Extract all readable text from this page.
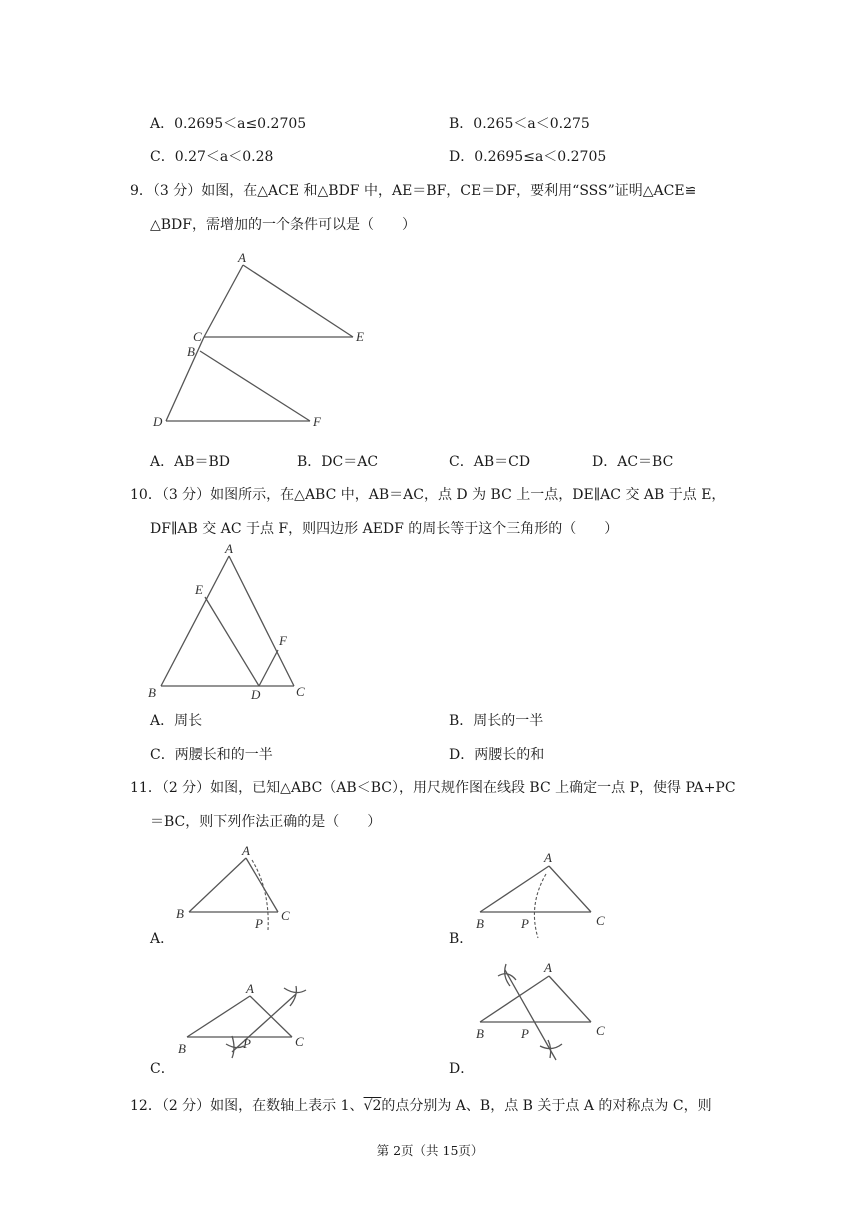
A．0.2695＜a≤0.2705	B．0.265＜a＜0.275
C．0.27＜a＜0.28	D．0.2695≤a＜0.2705
9．（3 分）如图，在△ACE 和△BDF 中，AE＝BF，CE＝DF，要利用“SSS”证明△ACE≌
△BDF，需增加的一个条件可以是（　　）
A
C	E
B
D	F
A．AB＝BD	B．DC＝AC	C．AB＝CD	D．AC＝BC
10．（3 分）如图所示，在△ABC 中，AB＝AC，点 D 为 BC 上一点，DE∥AC 交 AB 于点 E，
DF∥AB 交 AC 于点 F，则四边形 AEDF 的周长等于这个三角形的（　　）
A
E
F
B	D	C
A．周长	B．周长的一半
C．两腰长和的一半	D．两腰长的和
11．（2 分）如图，已知△ABC（AB＜BC），用尺规作图在线段 BC 上确定一点 P，使得 PA+PC
＝BC，则下列作法正确的是（　　）
A
B
P
C
A
B	P	C
A
B	P	C
A
B	P	C
A．	B．
C．	D．
12．（2 分）如图，在数轴上表示 1、√2的点分别为 A、B，点 B 关于点 A 的对称点为 C，则
第 2页（共 15页）
